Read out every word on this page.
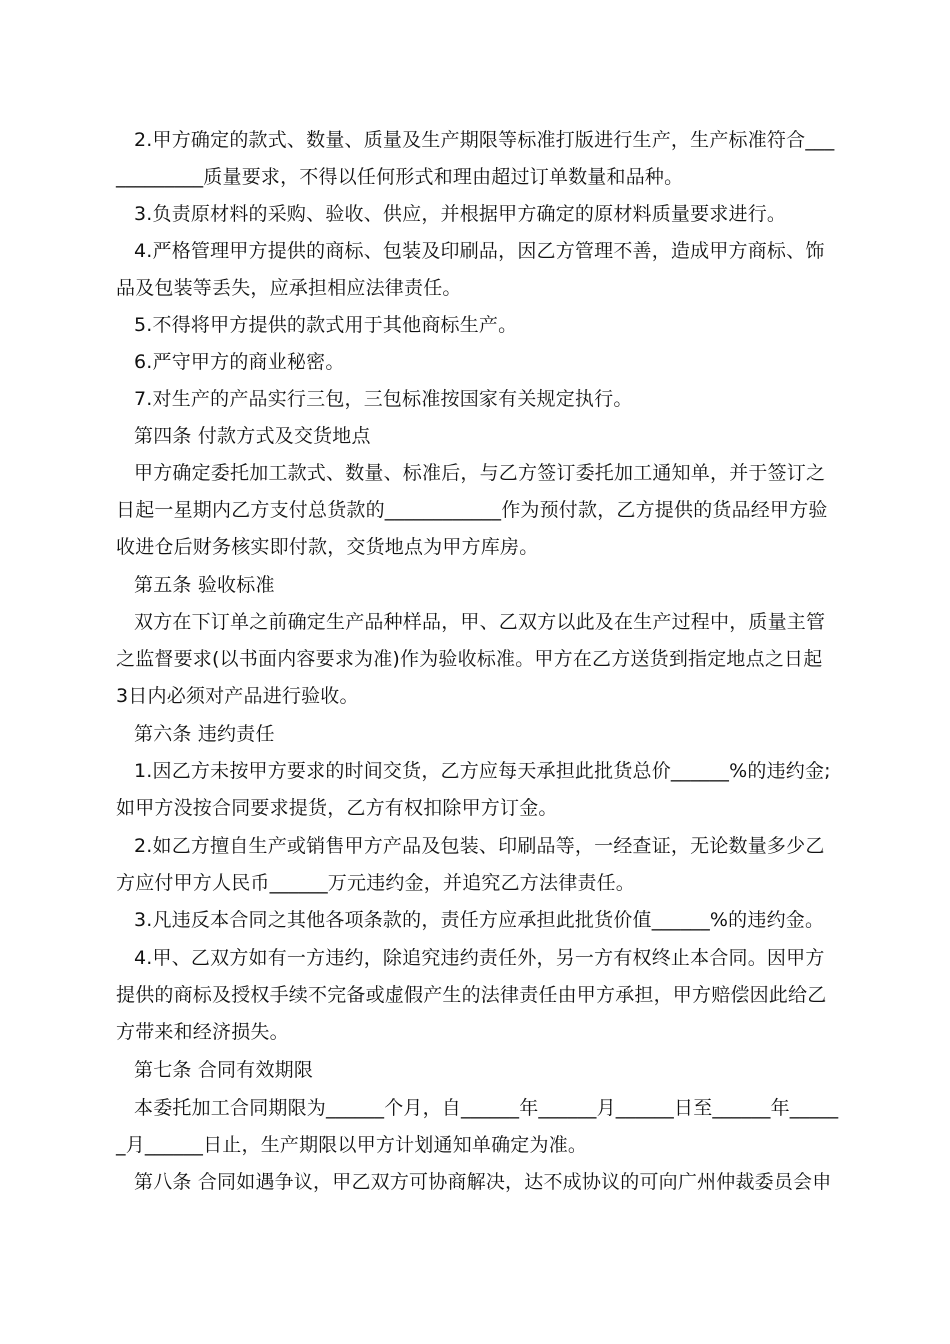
2.甲方确定的款式、数量、质量及生产期限等标准打版进行生产，生产标准符合___
_________质量要求，不得以任何形式和理由超过订单数量和品种。
3.负责原材料的采购、验收、供应，并根据甲方确定的原材料质量要求进行。
4.严格管理甲方提供的商标、包装及印刷品，因乙方管理不善，造成甲方商标、饰
品及包装等丢失，应承担相应法律责任。
5.不得将甲方提供的款式用于其他商标生产。
6.严守甲方的商业秘密。
7.对生产的产品实行三包，三包标准按国家有关规定执行。
第四条 付款方式及交货地点
甲方确定委托加工款式、数量、标准后，与乙方签订委托加工通知单，并于签订之
日起一星期内乙方支付总货款的____________作为预付款，乙方提供的货品经甲方验
收进仓后财务核实即付款，交货地点为甲方库房。
第五条 验收标准
双方在下订单之前确定生产品种样品，甲、乙双方以此及在生产过程中，质量主管
之监督要求(以书面内容要求为准)作为验收标准。甲方在乙方送货到指定地点之日起
3日内必须对产品进行验收。
第六条 违约责任
1.因乙方未按甲方要求的时间交货，乙方应每天承担此批货总价______%的违约金;
如甲方没按合同要求提货，乙方有权扣除甲方订金。
2.如乙方擅自生产或销售甲方产品及包装、印刷品等，一经查证，无论数量多少乙
方应付甲方人民币______万元违约金，并追究乙方法律责任。
3.凡违反本合同之其他各项条款的，责任方应承担此批货价值______%的违约金。
4.甲、乙双方如有一方违约，除追究违约责任外，另一方有权终止本合同。因甲方
提供的商标及授权手续不完备或虚假产生的法律责任由甲方承担，甲方赔偿因此给乙
方带来和经济损失。
第七条 合同有效期限
本委托加工合同期限为______个月，自______年______月______日至______年_____
_月______日止，生产期限以甲方计划通知单确定为准。
第八条 合同如遇争议，甲乙双方可协商解决，达不成协议的可向广州仲裁委员会申
